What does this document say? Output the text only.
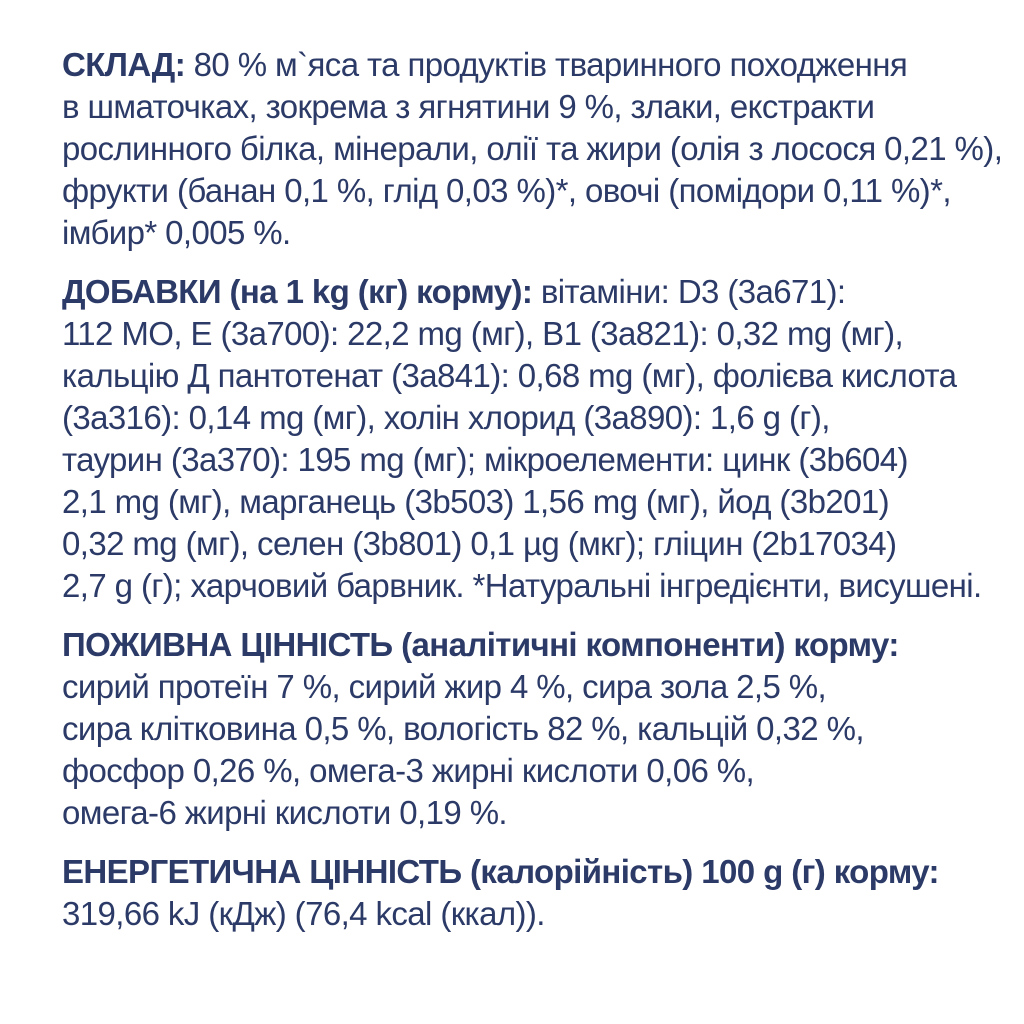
СКЛАД: 80 % м`яса та продуктів тваринного походження
в шматочках, зокрема з ягнятини 9 %, злаки, екстракти
рослинного білка, мінерали, олії та жири (олія з лосося 0,21 %),
фрукти (банан 0,1 %, глід 0,03 %)*, овочі (помідори 0,11 %)*,
імбир* 0,005 %.
ДОБАВКИ (на 1 kg (кг) корму): вітаміни: D3 (3a671):
112 МО, Е (3a700): 22,2 mg (мг), В1 (3a821): 0,32 mg (мг),
кальцію Д пантотенат (3a841): 0,68 mg (мг), фолієва кислота
(3a316): 0,14 mg (мг), холін хлорид (3a890): 1,6 g (г),
таурин (3a370): 195 mg (мг); мікроелементи: цинк (3b604)
2,1 mg (мг), марганець (3b503) 1,56 mg (мг), йод (3b201)
0,32 mg (мг), селен (3b801) 0,1 µg (мкг); гліцин (2b17034)
2,7 g (г); харчовий барвник. *Натуральні інгредієнти, висушені.
ПОЖИВНА ЦІННІСТЬ (аналітичні компоненти) корму:
сирий протеїн 7 %, сирий жир 4 %, сира зола 2,5 %,
сира клітковина 0,5 %, вологість 82 %, кальцій 0,32 %,
фосфор 0,26 %, омега-3 жирні кислоти 0,06 %,
омега-6 жирні кислоти 0,19 %.
ЕНЕРГЕТИЧНА ЦІННІСТЬ (калорійність) 100 g (г) корму:
319,66 kJ (кДж) (76,4 kcal (ккал)).
